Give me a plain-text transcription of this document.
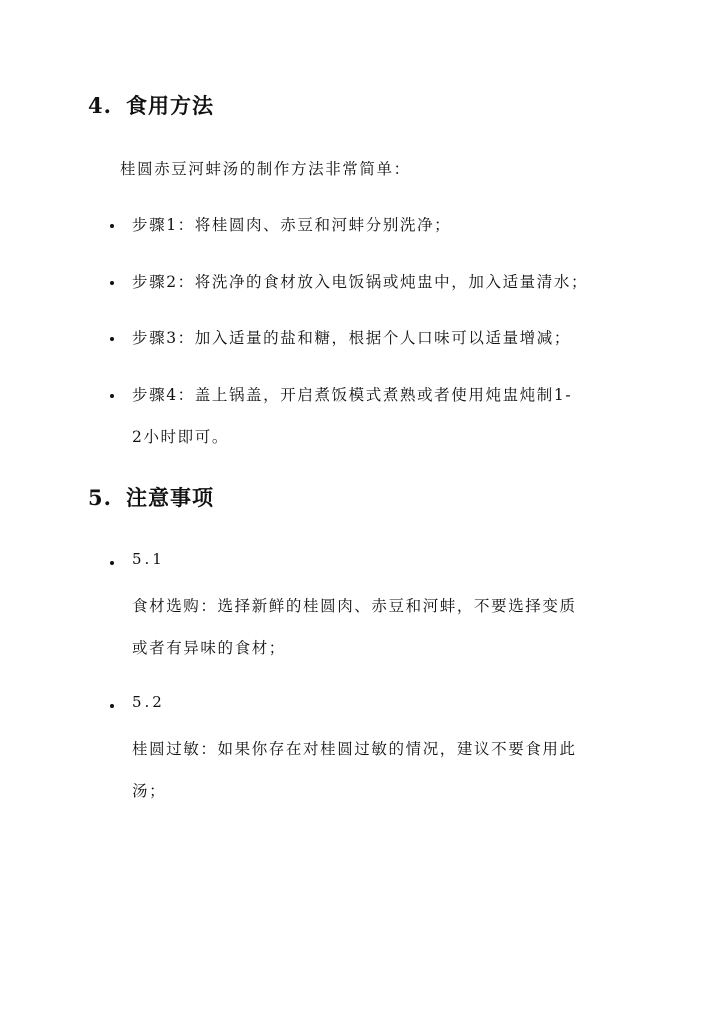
4. 食用方法

桂圆赤豆河蚌汤的制作方法非常简单：

步骤1：将桂圆肉、赤豆和河蚌分别洗净；
步骤2：将洗净的食材放入电饭锅或炖盅中，加入适量清水；
步骤3：加入适量的盐和糖，根据个人口味可以适量增减；
步骤4：盖上锅盖，开启煮饭模式煮熟或者使用炖盅炖制1-
2小时即可。
5. 注意事项
5.1
食材选购：选择新鲜的桂圆肉、赤豆和河蚌，不要选择变质
或者有异味的食材；
5.2
桂圆过敏：如果你存在对桂圆过敏的情况，建议不要食用此
汤；
